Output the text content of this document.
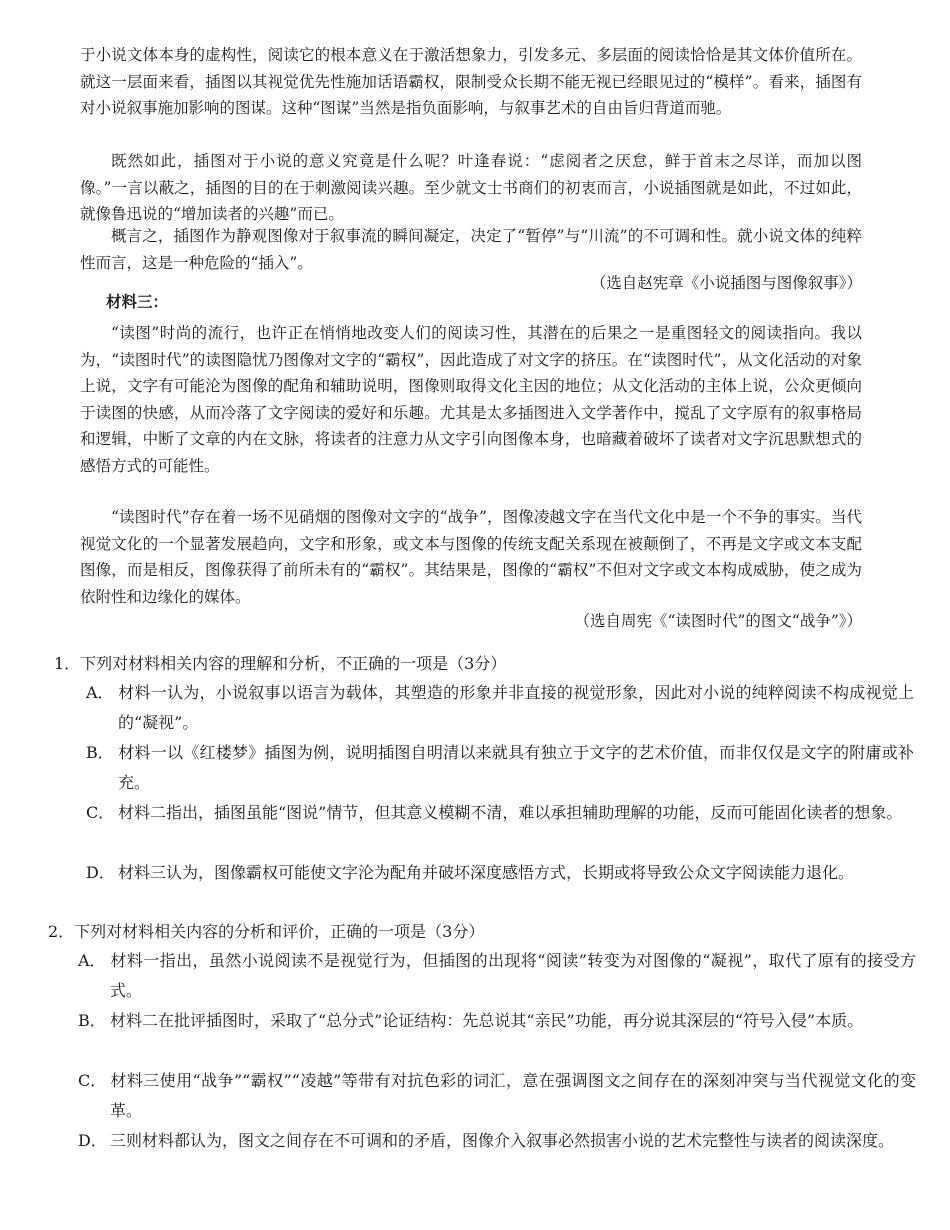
于小说文体本身的虚构性，阅读它的根本意义在于激活想象力，引发多元、多层面的阅读恰恰是其文体价值所在。就这一层面来看，插图以其视觉优先性施加话语霸权，限制受众长期不能无视已经眼见过的“模样”。看来，插图有对小说叙事施加影响的图谋。这种“图谋”当然是指负面影响，与叙事艺术的自由旨归背道而驰。

既然如此，插图对于小说的意义究竟是什么呢？叶逢春说：“虑阅者之厌怠，鲜于首末之尽详，而加以图像。”一言以蔽之，插图的目的在于刺激阅读兴趣。至少就文士书商们的初衷而言，小说插图就是如此，不过如此，就像鲁迅说的“增加读者的兴趣”而已。

概言之，插图作为静观图像对于叙事流的瞬间凝定，决定了“暂停”与“川流”的不可调和性。就小说文体的纯粹性而言，这是一种危险的“插入”。

（选自赵宪章《小说插图与图像叙事》）

材料三：

“读图”时尚的流行，也许正在悄悄地改变人们的阅读习性，其潜在的后果之一是重图轻文的阅读指向。我以为，“读图时代”的读图隐忧乃图像对文字的“霸权”，因此造成了对文字的挤压。在“读图时代”，从文化活动的对象上说，文字有可能沦为图像的配角和辅助说明，图像则取得文化主因的地位；从文化活动的主体上说，公众更倾向于读图的快感，从而冷落了文字阅读的爱好和乐趣。尤其是太多插图进入文学著作中，搅乱了文字原有的叙事格局和逻辑，中断了文章的内在文脉，将读者的注意力从文字引向图像本身，也暗藏着破坏了读者对文字沉思默想式的感悟方式的可能性。

“读图时代”存在着一场不见硝烟的图像对文字的“战争”，图像凌越文字在当代文化中是一个不争的事实。当代视觉文化的一个显著发展趋向，文字和形象，或文本与图像的传统支配关系现在被颠倒了，不再是文字或文本支配图像，而是相反，图像获得了前所未有的“霸权”。其结果是，图像的“霸权”不但对文字或文本构成威胁，使之成为依附性和边缘化的媒体。

（选自周宪《“读图时代”的图文“战争”》）

1．下列对材料相关内容的理解和分析，不正确的一项是（3分）

A． 材料一认为，小说叙事以语言为载体，其塑造的形象并非直接的视觉形象，因此对小说的纯粹阅读不构成视觉上的“凝视”。

B． 材料一以《红楼梦》插图为例，说明插图自明清以来就具有独立于文字的艺术价值，而非仅仅是文字的附庸或补充。

C． 材料二指出，插图虽能“图说”情节，但其意义模糊不清，难以承担辅助理解的功能，反而可能固化读者的想象。

D． 材料三认为，图像霸权可能使文字沦为配角并破坏深度感悟方式，长期或将导致公众文字阅读能力退化。

2．下列对材料相关内容的分析和评价，正确的一项是（3分）

A． 材料一指出，虽然小说阅读不是视觉行为，但插图的出现将“阅读”转变为对图像的“凝视”，取代了原有的接受方式。

B． 材料二在批评插图时，采取了“总分式”论证结构：先总说其“亲民”功能，再分说其深层的“符号入侵”本质。

C． 材料三使用“战争”“霸权”“凌越”等带有对抗色彩的词汇，意在强调图文之间存在的深刻冲突与当代视觉文化的变革。

D． 三则材料都认为，图文之间存在不可调和的矛盾，图像介入叙事必然损害小说的艺术完整性与读者的阅读深度。
